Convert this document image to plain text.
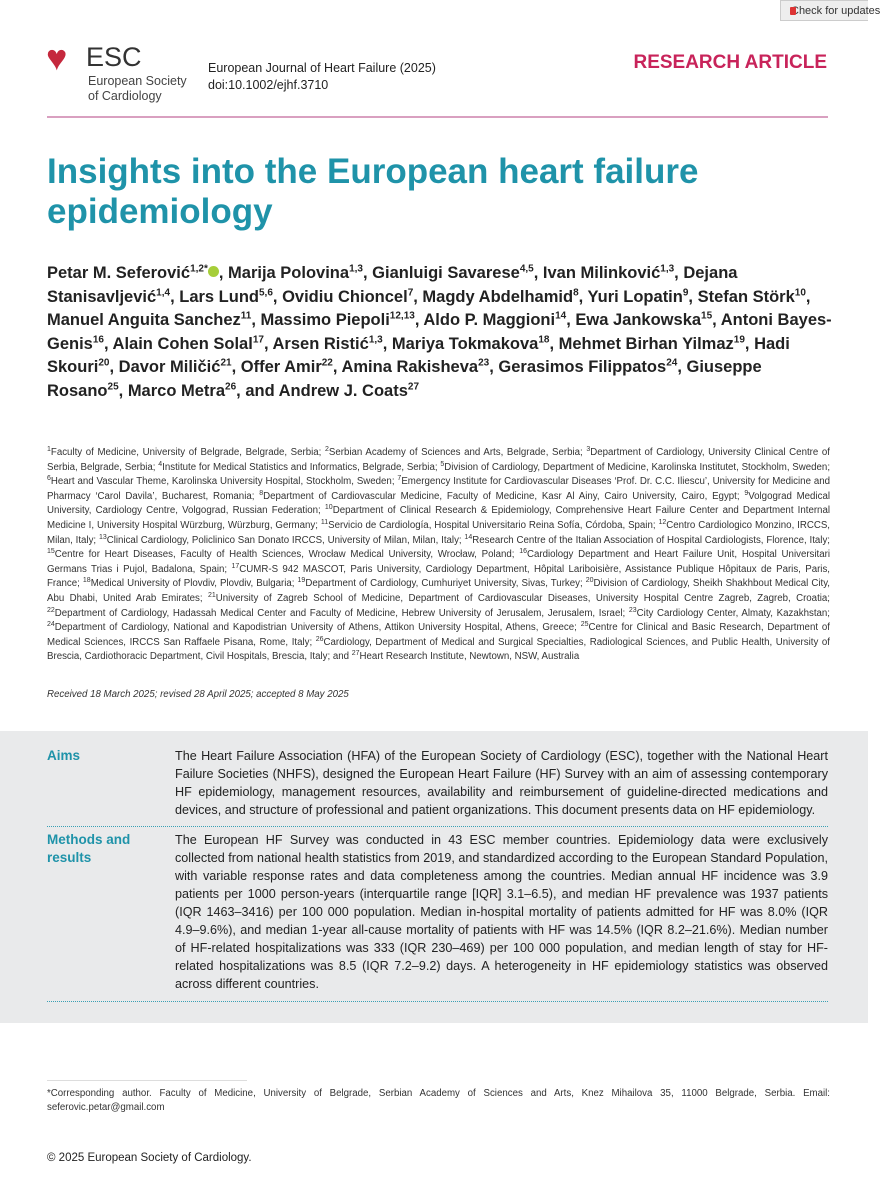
Check for updates
♥ ESC
European Society
of Cardiology
European Journal of Heart Failure (2025)
doi:10.1002/ejhf.3710
RESEARCH ARTICLE
Insights into the European heart failure epidemiology
Petar M. Seferović$^{1,2*}$ , Marija Polovina$^{1,3}$, Gianluigi Savarese$^{4,5}$, Ivan Milinković$^{1,3}$, Dejana Stanisavljević$^{1,4}$, Lars Lund$^{5,6}$, Ovidiu Chioncel$^7$, Magdy Abdelhamid$^8$, Yuri Lopatin$^9$, Stefan Störk$^{10}$, Manuel Anguita Sanchez$^{11}$, Massimo Piepoli$^{12,13}$, Aldo P. Maggioni$^{14}$, Ewa Jankowska$^{15}$, Antoni Bayes-Genis$^{16}$, Alain Cohen Solal$^{17}$, Arsen Ristić$^{1,3}$, Mariya Tokmakova$^{18}$, Mehmet Birhan Yilmaz$^{19}$, Hadi Skouri$^{20}$, Davor Miličić$^{21}$, Offer Amir$^{22}$, Amina Rakisheva$^{23}$, Gerasimos Filippatos$^{24}$, Giuseppe Rosano$^{25}$, Marco Metra$^{26}$, and Andrew J. Coats$^{27}$
$^1$Faculty of Medicine, University of Belgrade, Belgrade, Serbia; $^2$Serbian Academy of Sciences and Arts, Belgrade, Serbia; $^3$Department of Cardiology, University Clinical Centre of Serbia, Belgrade, Serbia; $^4$Institute for Medical Statistics and Informatics, Belgrade, Serbia; $^5$Division of Cardiology, Department of Medicine, Karolinska Institutet, Stockholm, Sweden; $^6$Heart and Vascular Theme, Karolinska University Hospital, Stockholm, Sweden; $^7$Emergency Institute for Cardiovascular Diseases ‘Prof. Dr. C.C. Iliescu’, University for Medicine and Pharmacy ‘Carol Davila’, Bucharest, Romania; $^8$Department of Cardiovascular Medicine, Faculty of Medicine, Kasr Al Ainy, Cairo University, Cairo, Egypt; $^9$Volgograd Medical University, Cardiology Centre, Volgograd, Russian Federation; $^{10}$Department of Clinical Research & Epidemiology, Comprehensive Heart Failure Center and Department Internal Medicine I, University Hospital Würzburg, Würzburg, Germany; $^{11}$Servicio de Cardiología, Hospital Universitario Reina Sofía, Córdoba, Spain; $^{12}$Centro Cardiologico Monzino, IRCCS, Milan, Italy; $^{13}$Clinical Cardiology, Policlinico San Donato IRCCS, University of Milan, Milan, Italy; $^{14}$Research Centre of the Italian Association of Hospital Cardiologists, Florence, Italy; $^{15}$Centre for Heart Diseases, Faculty of Health Sciences, Wrocław Medical University, Wrocław, Poland; $^{16}$Cardiology Department and Heart Failure Unit, Hospital Universitari Germans Trias i Pujol, Badalona, Spain; $^{17}$CUMR-S 942 MASCOT, Paris University, Cardiology Department, Hôpital Lariboisière, Assistance Publique Hôpitaux de Paris, Paris, France; $^{18}$Medical University of Plovdiv, Plovdiv, Bulgaria; $^{19}$Department of Cardiology, Cumhuriyet University, Sivas, Turkey; $^{20}$Division of Cardiology, Sheikh Shakhbout Medical City, Abu Dhabi, United Arab Emirates; $^{21}$University of Zagreb School of Medicine, Department of Cardiovascular Diseases, University Hospital Centre Zagreb, Zagreb, Croatia; $^{22}$Department of Cardiology, Hadassah Medical Center and Faculty of Medicine, Hebrew University of Jerusalem, Jerusalem, Israel; $^{23}$City Cardiology Center, Almaty, Kazakhstan; $^{24}$Department of Cardiology, National and Kapodistrian University of Athens, Attikon University Hospital, Athens, Greece; $^{25}$Centre for Clinical and Basic Research, Department of Medical Sciences, IRCCS San Raffaele Pisana, Rome, Italy; $^{26}$Cardiology, Department of Medical and Surgical Specialties, Radiological Sciences, and Public Health, University of Brescia, Cardiothoracic Department, Civil Hospitals, Brescia, Italy; and $^{27}$Heart Research Institute, Newtown, NSW, Australia
Received 18 March 2025; revised 28 April 2025; accepted 8 May 2025
Aims	The Heart Failure Association (HFA) of the European Society of Cardiology (ESC), together with the National Heart Failure Societies (NHFS), designed the European Heart Failure (HF) Survey with an aim of assessing contemporary HF epidemiology, management resources, availability and reimbursement of guideline-directed medications and devices, and structure of professional and patient organizations. This document presents data on HF epidemiology.
Methods and results
The European HF Survey was conducted in 43 ESC member countries. Epidemiology data were exclusively collected from national health statistics from 2019, and standardized according to the European Standard Population, with variable response rates and data completeness among the countries. Median annual HF incidence was 3.9 patients per 1000 person-years (interquartile range [IQR] 3.1–6.5), and median HF prevalence was 1937 patients (IQR 1463–3416) per 100 000 population. Median in-hospital mortality of patients admitted for HF was 8.0% (IQR 4.9–9.6%), and median 1-year all-cause mortality of patients with HF was 14.5% (IQR 8.2–21.6%). Median number of HF-related hospitalizations was 333 (IQR 230–469) per 100 000 population, and median length of stay for HF-related hospitalizations was 8.5 (IQR 7.2–9.2) days. A heterogeneity in HF epidemiology statistics was observed across different countries.
*Corresponding author. Faculty of Medicine, University of Belgrade, Serbian Academy of Sciences and Arts, Knez Mihailova 35, 11000 Belgrade, Serbia. Email: seferovic.petar@gmail.com
© 2025 European Society of Cardiology.
